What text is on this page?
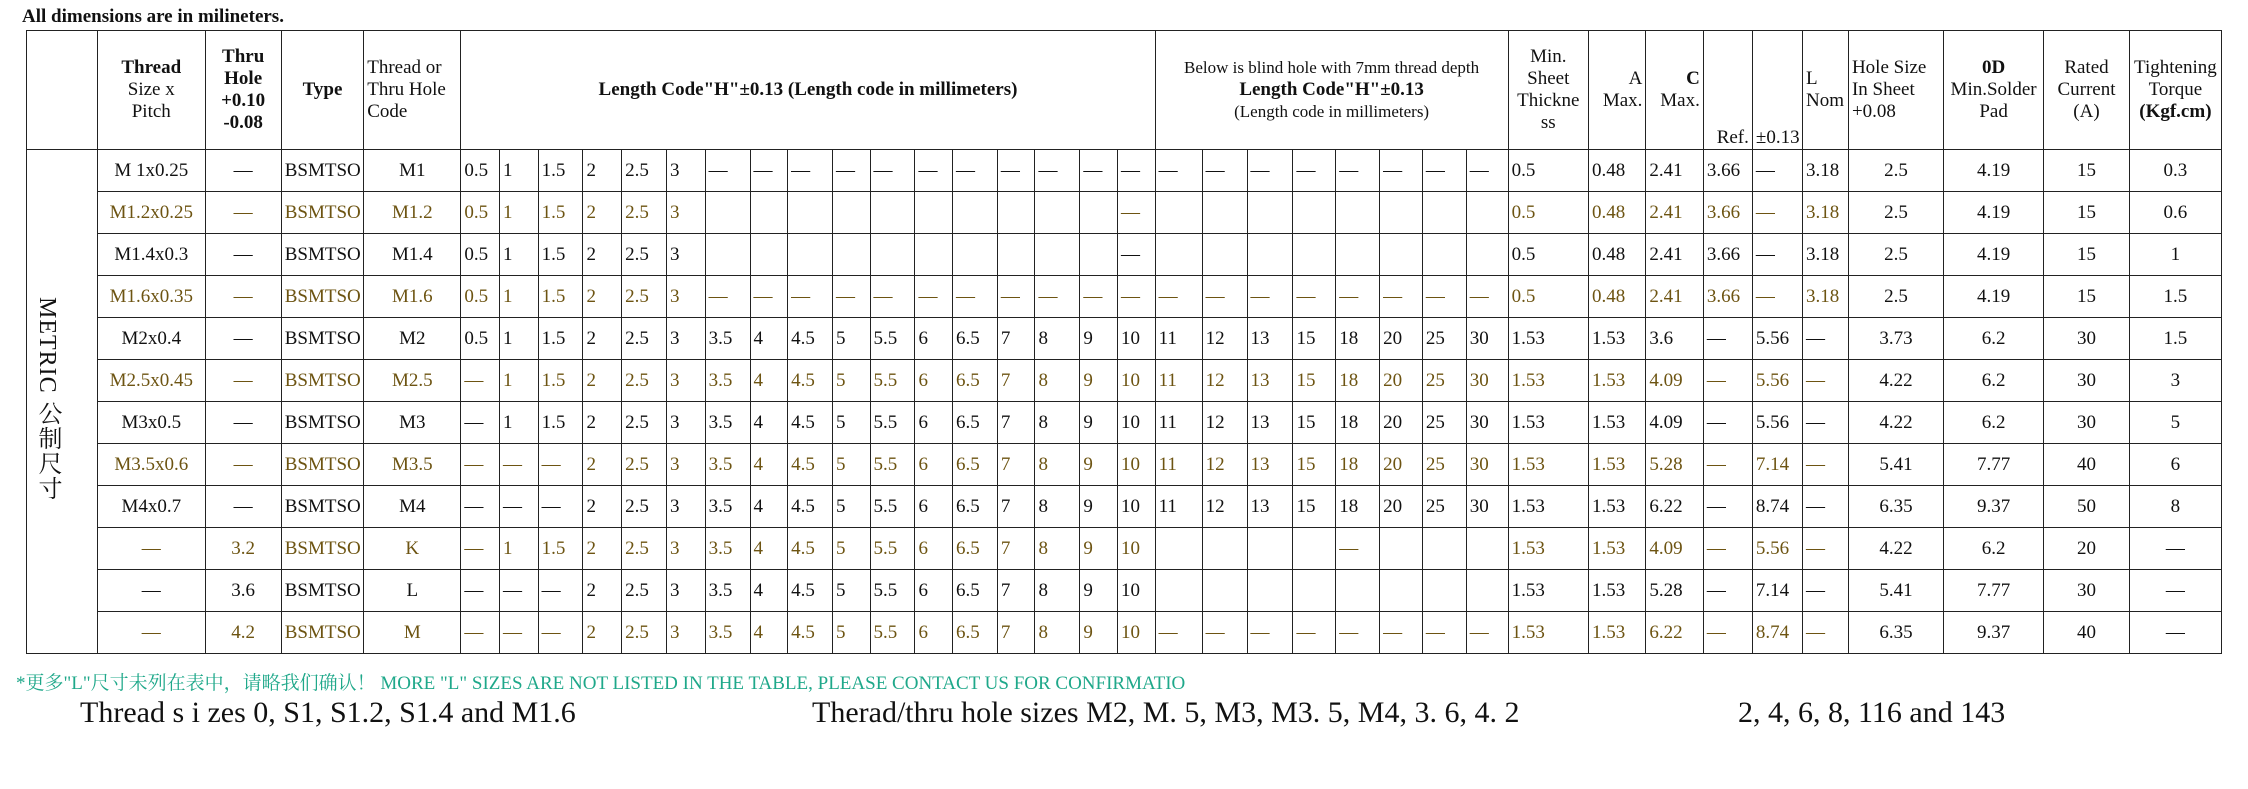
All dimensions are in milineters.
	Thread
Size x
Pitch	Thru
Hole
+0.10
-0.08	Type	Thread or
Thru Hole
Code	Length Code"H"±0.13 (Length code in millimeters)																	Below is blind hole with 7mm thread depth
Length Code"H"±0.13
(Length code in millimeters)								Min.
Sheet
Thickne
ss	A
Max.	C
Max.	Ref.	±0.13	L
Nom	Hole Size
In Sheet
+0.08	0D
Min.Solder
Pad	Rated
Current
(A)	Tightening
Torque
(Kgf.cm)
METRIC 公制尺寸	M 1x0.25	—	BSMTSO	M1	0.5	1	1.5	2	2.5	3	—	—	—	—	—	—	—	—	—	—	—	—	—	—	—	—	—	—	—	0.5	0.48	2.41	3.66	—	3.18	2.5	4.19	15	0.3
	M1.2x0.25	—	BSMTSO	M1.2	0.5	1	1.5	2	2.5	3											—									0.5	0.48	2.41	3.66	—	3.18	2.5	4.19	15	0.6
	M1.4x0.3	—	BSMTSO	M1.4	0.5	1	1.5	2	2.5	3											—									0.5	0.48	2.41	3.66	—	3.18	2.5	4.19	15	1
	M1.6x0.35	—	BSMTSO	M1.6	0.5	1	1.5	2	2.5	3	—	—	—	—	—	—	—	—	—	—	—	—	—	—	—	—	—	—	—	0.5	0.48	2.41	3.66	—	3.18	2.5	4.19	15	1.5
	M2x0.4	—	BSMTSO	M2	0.5	1	1.5	2	2.5	3	3.5	4	4.5	5	5.5	6	6.5	7	8	9	10	11	12	13	15	18	20	25	30	1.53	1.53	3.6	—	5.56	—	3.73	6.2	30	1.5
	M2.5x0.45	—	BSMTSO	M2.5	—	1	1.5	2	2.5	3	3.5	4	4.5	5	5.5	6	6.5	7	8	9	10	11	12	13	15	18	20	25	30	1.53	1.53	4.09	—	5.56	—	4.22	6.2	30	3
	M3x0.5	—	BSMTSO	M3	—	1	1.5	2	2.5	3	3.5	4	4.5	5	5.5	6	6.5	7	8	9	10	11	12	13	15	18	20	25	30	1.53	1.53	4.09	—	5.56	—	4.22	6.2	30	5
	M3.5x0.6	—	BSMTSO	M3.5	—	—	—	2	2.5	3	3.5	4	4.5	5	5.5	6	6.5	7	8	9	10	11	12	13	15	18	20	25	30	1.53	1.53	5.28	—	7.14	—	5.41	7.77	40	6
	M4x0.7	—	BSMTSO	M4	—	—	—	2	2.5	3	3.5	4	4.5	5	5.5	6	6.5	7	8	9	10	11	12	13	15	18	20	25	30	1.53	1.53	6.22	—	8.74	—	6.35	9.37	50	8
	—	3.2	BSMTSO	K	—	1	1.5	2	2.5	3	3.5	4	4.5	5	5.5	6	6.5	7	8	9	10					—				1.53	1.53	4.09	—	5.56	—	4.22	6.2	20	—
	—	3.6	BSMTSO	L	—	—	—	2	2.5	3	3.5	4	4.5	5	5.5	6	6.5	7	8	9	10									1.53	1.53	5.28	—	7.14	—	5.41	7.77	30	—
	—	4.2	BSMTSO	M	—	—	—	2	2.5	3	3.5	4	4.5	5	5.5	6	6.5	7	8	9	10	—	—	—	—	—	—	—	—	1.53	1.53	6.22	—	8.74	—	6.35	9.37	40	—
*更多"L"尺寸未列在表中，请略我们确认！ MORE "L" SIZES ARE NOT LISTED IN THE TABLE, PLEASE CONTACT US FOR CONFIRMATIO
Thread s i zes 0, S1, S1.2, S1.4 and M1.6	Therad/thru hole sizes M2, M. 5, M3, M3. 5, M4, 3. 6, 4. 2	2, 4, 6, 8, 116 and 143
